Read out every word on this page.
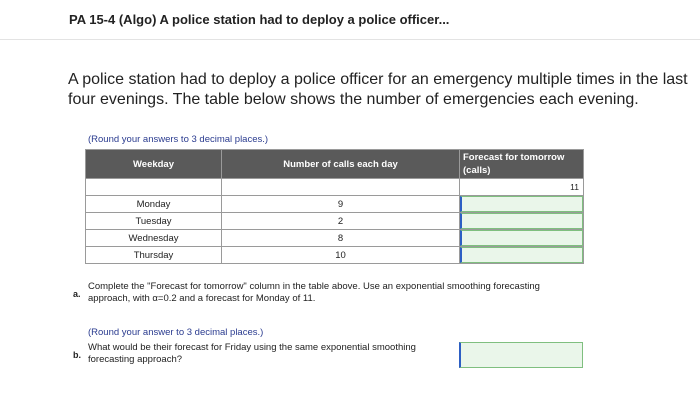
PA 15-4 (Algo) A police station had to deploy a police officer...
A police station had to deploy a police officer for an emergency multiple times in the last four evenings. The table below shows the number of emergencies each evening.
(Round your answers to 3 decimal places.)
Weekday	Number of calls each day	Forecast for tomorrow (calls)
		11
Monday	9	

Tuesday	2	

Wednesday	8	

Thursday	10	
a.
Complete the "Forecast for tomorrow" column in the table above. Use an exponential smoothing forecasting approach, with α=0.2 and a forecast for Monday of 11.
(Round your answer to 3 decimal places.)
b.
What would be their forecast for Friday using the same exponential smoothing forecasting approach?
